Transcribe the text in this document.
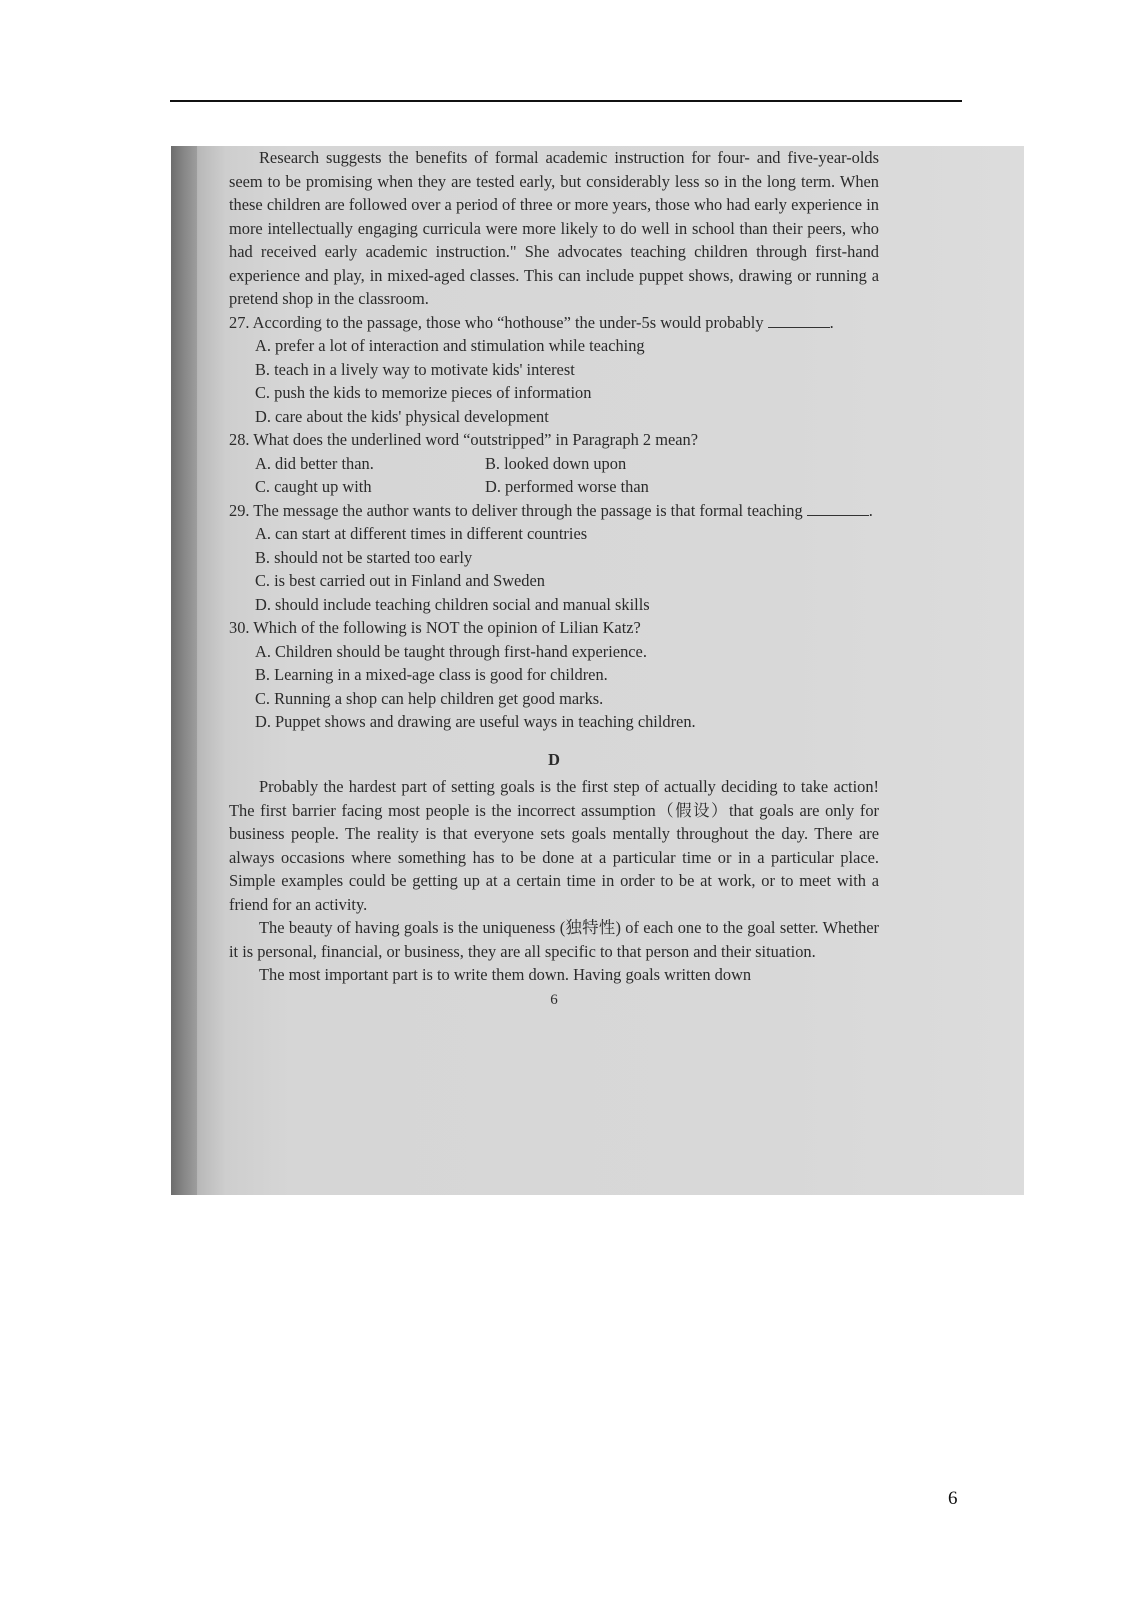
Research suggests the benefits of formal academic instruction for four- and five-year-olds seem to be promising when they are tested early, but considerably less so in the long term. When these children are followed over a period of three or more years, those who had early experience in more intellectually engaging curricula were more likely to do well in school than their peers, who had received early academic instruction." She advocates teaching children through first-hand experience and play, in mixed-aged classes. This can include puppet shows, drawing or running a pretend shop in the classroom.

27. According to the passage, those who “hothouse” the under-5s would probably	.

A. prefer a lot of interaction and stimulation while teaching

B. teach in a lively way to motivate kids' interest

C. push the kids to memorize pieces of information

D. care about the kids' physical development

28. What does the underlined word “outstripped” in Paragraph 2 mean?

A. did better than.	B. looked down upon
C. caught up with	D. performed worse than

29. The message the author wants to deliver through the passage is that formal teaching	.

A. can start at different times in different countries

B. should not be started too early

C. is best carried out in Finland and Sweden

D. should include teaching children social and manual skills

30. Which of the following is NOT the opinion of Lilian Katz?

A. Children should be taught through first-hand experience.

B. Learning in a mixed-age class is good for children.

C. Running a shop can help children get good marks.

D. Puppet shows and drawing are useful ways in teaching children.

D

Probably the hardest part of setting goals is the first step of actually deciding to take action! The first barrier facing most people is the incorrect assumption（假设）that goals are only for business people. The reality is that everyone sets goals mentally throughout the day. There are always occasions where something has to be done at a particular time or in a particular place. Simple examples could be getting up at a certain time in order to be at work, or to meet with a friend for an activity.

The beauty of having goals is the uniqueness (独特性) of each one to the goal setter. Whether it is personal, financial, or business, they are all specific to that person and their situation.

The most important part is to write them down. Having goals written down

6

6
